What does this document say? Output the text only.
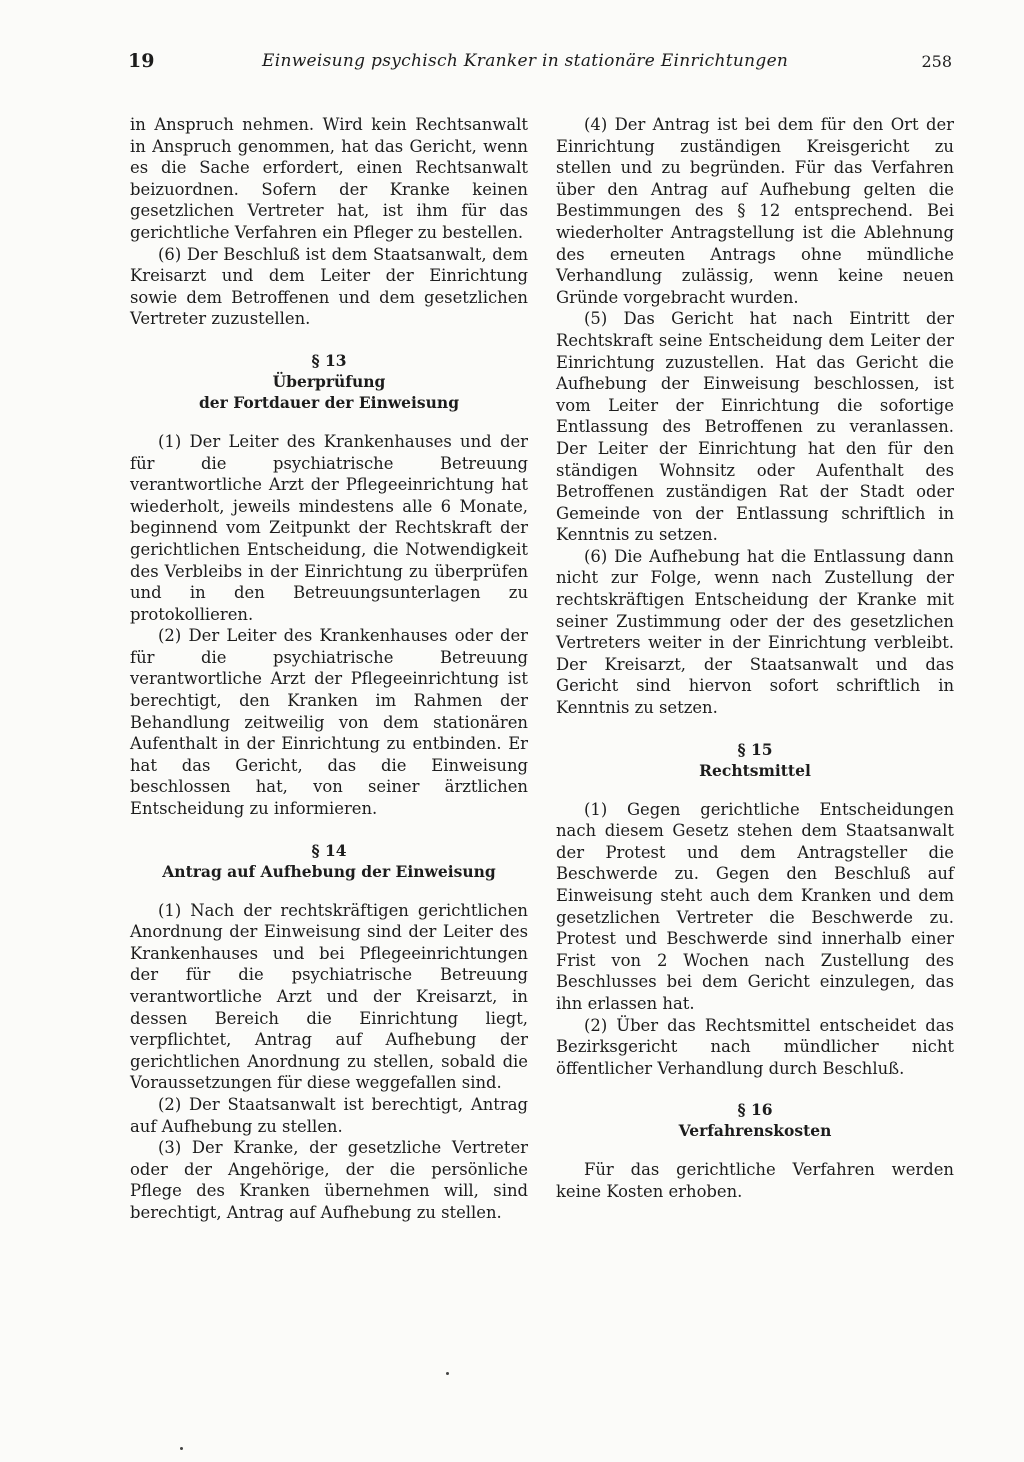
19	Einweisung psychisch Kranker in stationäre Einrichtungen	258

in Anspruch nehmen. Wird kein Rechtsanwalt in Anspruch genommen, hat das Gericht, wenn es die Sache erfordert, einen Rechtsanwalt beizuordnen. Sofern der Kranke keinen gesetzlichen Vertreter hat, ist ihm für das gerichtliche Verfahren ein Pfleger zu bestellen.

(6) Der Beschluß ist dem Staatsanwalt, dem Kreisarzt und dem Leiter der Einrichtung sowie dem Betroffenen und dem gesetzlichen Vertreter zuzustellen.

§ 13

Überprüfung

der Fortdauer der Einweisung

(1) Der Leiter des Krankenhauses und der für die psychiatrische Betreuung verantwortliche Arzt der Pflegeeinrichtung hat wiederholt, jeweils mindestens alle 6 Monate, beginnend vom Zeitpunkt der Rechtskraft der gerichtlichen Entscheidung, die Notwendigkeit des Verbleibs in der Einrichtung zu überprüfen und in den Betreuungsunterlagen zu protokollieren.

(2) Der Leiter des Krankenhauses oder der für die psychiatrische Betreuung verantwortliche Arzt der Pflegeeinrichtung ist berechtigt, den Kranken im Rahmen der Behandlung zeitweilig von dem stationären Aufenthalt in der Einrichtung zu entbinden. Er hat das Gericht, das die Einweisung beschlossen hat, von seiner ärztlichen Entscheidung zu informieren.

§ 14

Antrag auf Aufhebung der Einweisung

(1) Nach der rechtskräftigen gerichtlichen Anordnung der Einweisung sind der Leiter des Krankenhauses und bei Pflegeeinrichtungen der für die psychiatrische Betreuung verantwortliche Arzt und der Kreisarzt, in dessen Bereich die Einrichtung liegt, verpflichtet, Antrag auf Aufhebung der gerichtlichen Anordnung zu stellen, sobald die Voraussetzungen für diese weggefallen sind.

(2) Der Staatsanwalt ist berechtigt, Antrag auf Aufhebung zu stellen.

(3) Der Kranke, der gesetzliche Vertreter oder der Angehörige, der die persönliche Pflege des Kranken übernehmen will, sind berechtigt, Antrag auf Aufhebung zu stellen.

(4) Der Antrag ist bei dem für den Ort der Einrichtung zuständigen Kreisgericht zu stellen und zu begründen. Für das Verfahren über den Antrag auf Aufhebung gelten die Bestimmungen des § 12 entsprechend. Bei wiederholter Antragstellung ist die Ablehnung des erneuten Antrags ohne mündliche Verhandlung zulässig, wenn keine neuen Gründe vorgebracht wurden.

(5) Das Gericht hat nach Eintritt der Rechtskraft seine Entscheidung dem Leiter der Einrichtung zuzustellen. Hat das Gericht die Aufhebung der Einweisung beschlossen, ist vom Leiter der Einrichtung die sofortige Entlassung des Betroffenen zu veranlassen. Der Leiter der Einrichtung hat den für den ständigen Wohnsitz oder Aufenthalt des Betroffenen zuständigen Rat der Stadt oder Gemeinde von der Entlassung schriftlich in Kenntnis zu setzen.

(6) Die Aufhebung hat die Entlassung dann nicht zur Folge, wenn nach Zustellung der rechtskräftigen Entscheidung der Kranke mit seiner Zustimmung oder der des gesetzlichen Vertreters weiter in der Einrichtung verbleibt. Der Kreisarzt, der Staatsanwalt und das Gericht sind hiervon sofort schriftlich in Kenntnis zu setzen.

§ 15

Rechtsmittel

(1) Gegen gerichtliche Entscheidungen nach diesem Gesetz stehen dem Staatsanwalt der Protest und dem Antragsteller die Beschwerde zu. Gegen den Beschluß auf Einweisung steht auch dem Kranken und dem gesetzlichen Vertreter die Beschwerde zu. Protest und Beschwerde sind innerhalb einer Frist von 2 Wochen nach Zustellung des Beschlusses bei dem Gericht einzulegen, das ihn erlassen hat.

(2) Über das Rechtsmittel entscheidet das Bezirksgericht nach mündlicher nicht öffentlicher Verhandlung durch Beschluß.

§ 16

Verfahrenskosten

Für das gerichtliche Verfahren werden keine Kosten erhoben.
